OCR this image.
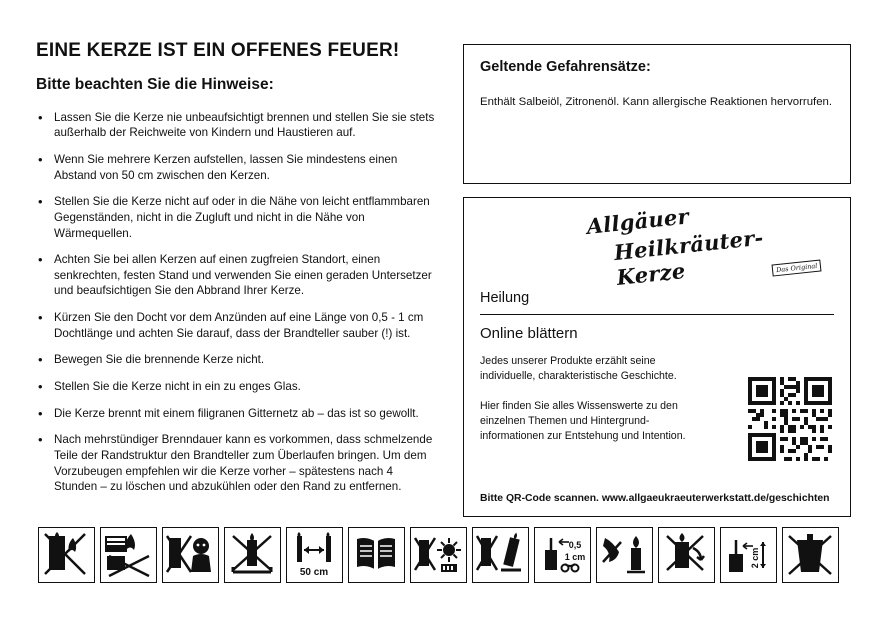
EINE KERZE IST EIN OFFENES FEUER!
Bitte beachten Sie die Hinweise:
• Lassen Sie die Kerze nie unbeaufsichtigt brennen und stellen Sie sie stets außerhalb der Reichweite von Kindern und Haustieren auf.
• Wenn Sie mehrere Kerzen aufstellen, lassen Sie mindestens einen Abstand von 50 cm zwischen den Kerzen.
• Stellen Sie die Kerze nicht auf oder in die Nähe von leicht entflammbaren Gegenständen, nicht in die Zugluft und nicht in die Nähe von Wärmequellen.
• Achten Sie bei allen Kerzen auf einen zugfreien Standort, einen senkrechten, festen Stand und verwenden Sie einen geraden Untersetzer und beaufsichtigen Sie den Abbrand Ihrer Kerze.
• Kürzen Sie den Docht vor dem Anzünden auf eine Länge von 0,5 - 1 cm Dochtlänge und achten Sie darauf, dass der Brandteller sauber (!) ist.
• Bewegen Sie die brennende Kerze nicht.
• Stellen Sie die Kerze nicht in ein zu enges Glas.
• Die Kerze brennt mit einem filigranen Gitternetz ab – das ist so gewollt.
• Nach mehrstündiger Brenndauer kann es vorkommen, dass schmelzende Teile der Randstruktur den Brandteller zum Überlaufen bringen. Um dem Vorzubeugen empfehlen wir die Kerze vorher – spätestens nach 4 Stunden – zu löschen und abzukühlen oder den Rand zu entfernen.

Geltende Gefahrensätze:

Enthält Salbeiöl, Zitronenöl. Kann allergische Reaktionen hervorrufen.

Allgäuer
Heilkräuter-Kerze	Das Original
Heilung
Online blättern

Jedes unserer Produkte erzählt seine individuelle, charakteristische Geschichte.

Hier finden Sie alles Wissenswerte zu den einzelnen Themen und Hintergrund-informationen zur Entstehung und Intention.

Bitte QR-Code scannen. www.allgaeukraeuterwerkstatt.de/geschichten
50 cm
0,5
1 cm	2 cm
